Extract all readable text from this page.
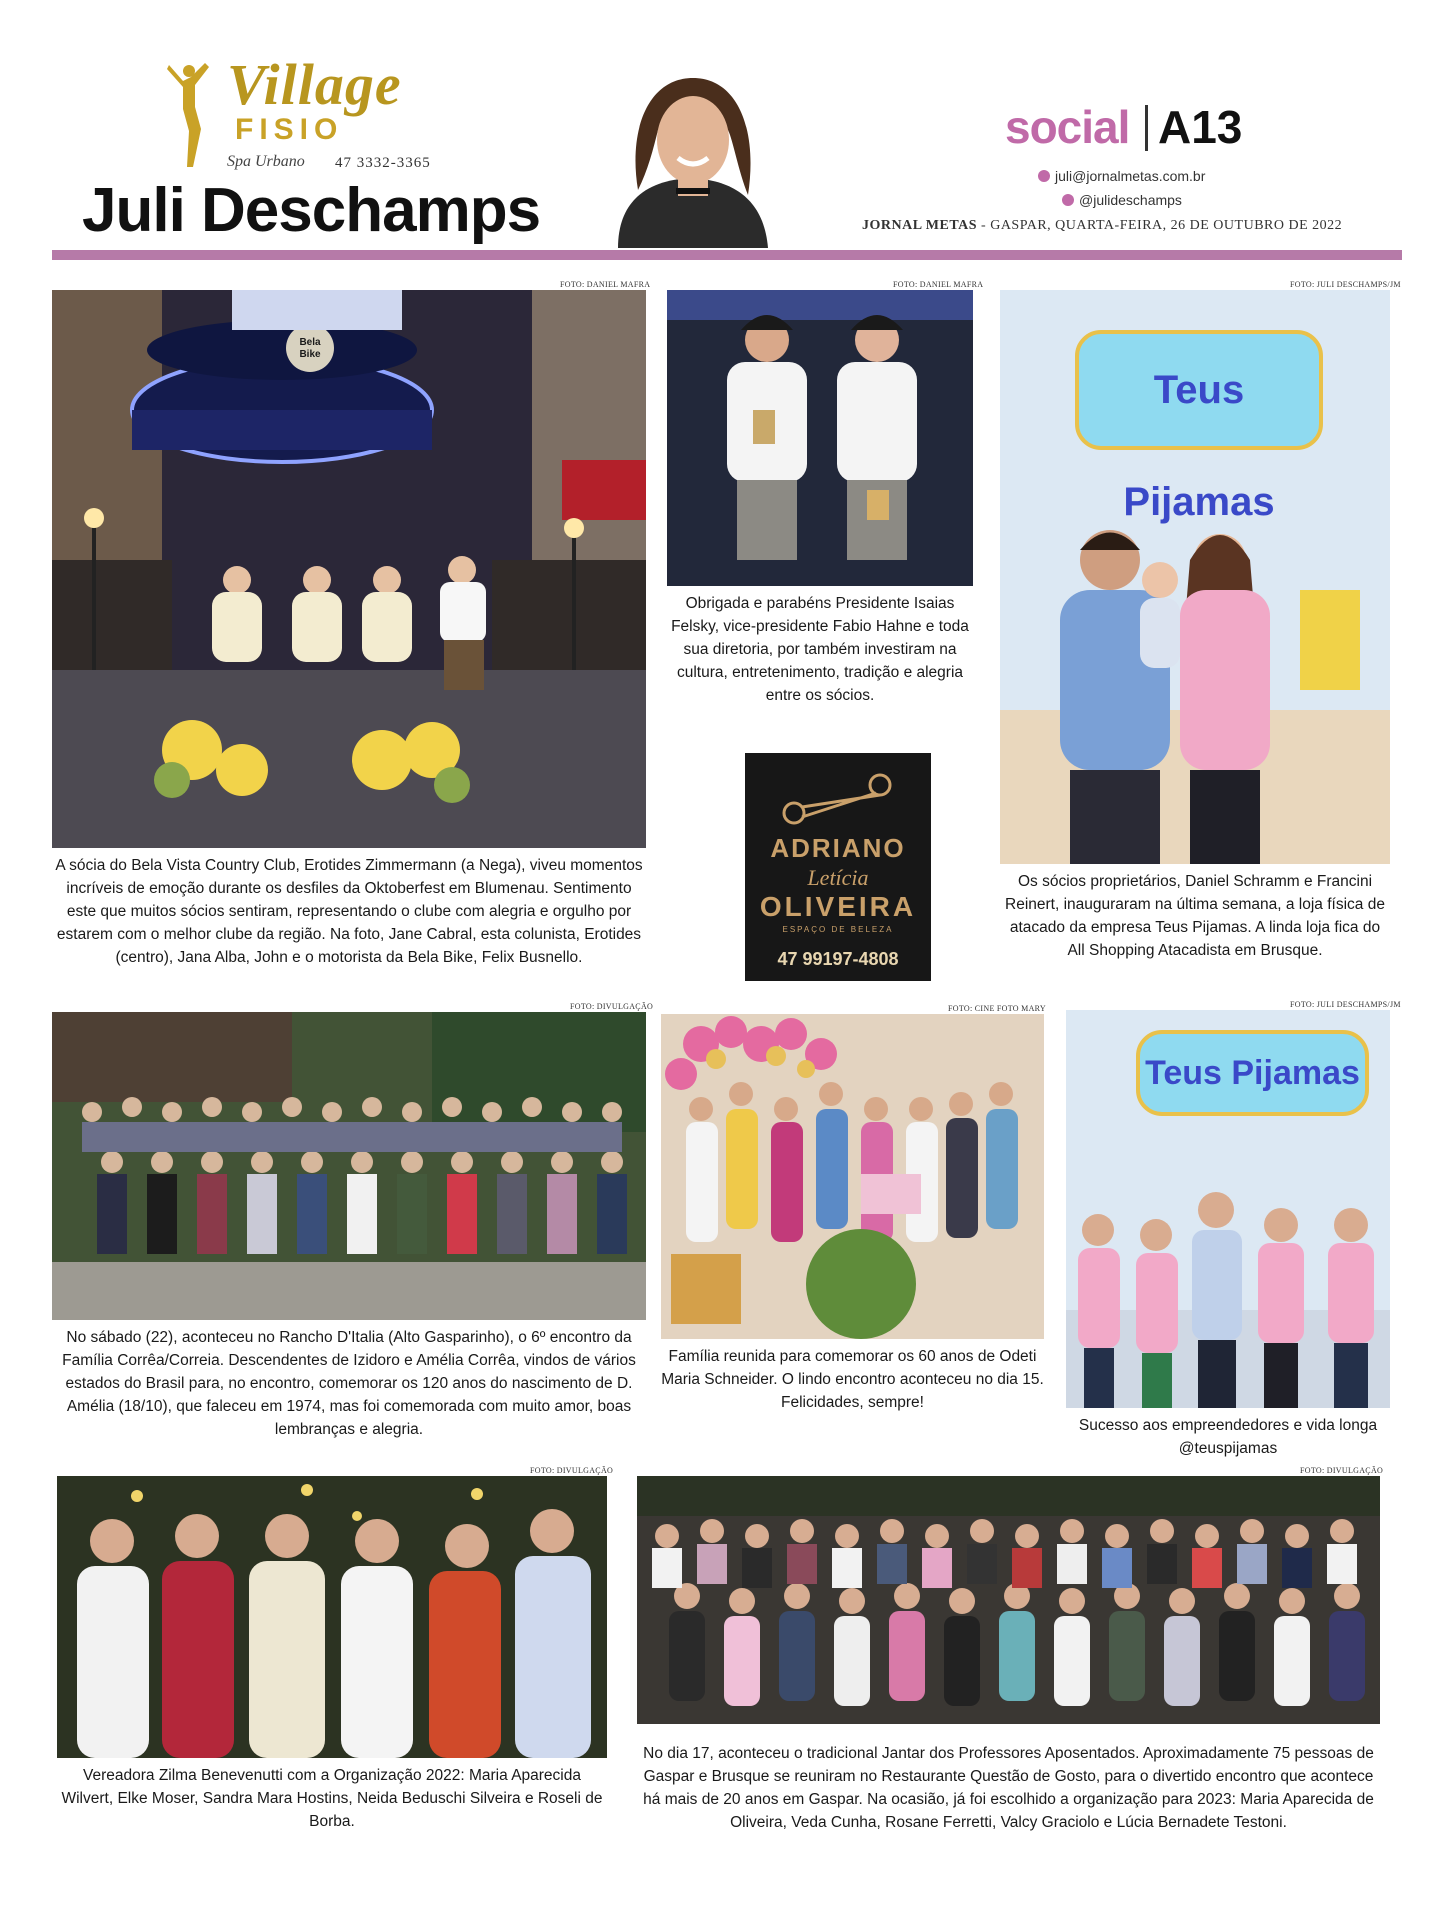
Village
FISIO
Spa Urbano 47 3332-3365
Juli Deschamps
social A13
juli@jornalmetas.com.br
@julideschamps
JORNAL METAS - GASPAR, QUARTA-FEIRA, 26 DE OUTUBRO DE 2022
FOTO: DANIEL MAFRA
Bela
Bike
A sócia do Bela Vista Country Club, Erotides Zimmermann (a Nega), viveu momentos incríveis de emoção durante os desfiles da Oktoberfest em Blumenau. Sentimento este que muitos sócios sentiram, representando o clube com alegria e orgulho por estarem com o melhor clube da região. Na foto, Jane Cabral, esta colunista, Erotides (centro), Jana Alba, John e o motorista da Bela Bike, Felix Busnello.
FOTO: DANIEL MAFRA
Obrigada e parabéns Presidente Isaias Felsky, vice-presidente Fabio Hahne e toda sua diretoria, por também investiram na cultura, entretenimento, tradição e alegria entre os sócios.
ADRIANO
Letícia
OLIVEIRA
ESPAÇO DE BELEZA
47 99197-4808
FOTO: JULI DESCHAMPS/JM
Teus Pijamas
Os sócios proprietários, Daniel Schramm e Francini Reinert, inauguraram na última semana, a loja física de atacado da empresa Teus Pijamas. A linda loja fica do All Shopping Atacadista em Brusque.
FOTO: DIVULGAÇÃO
No sábado (22), aconteceu no Rancho D'Italia (Alto Gasparinho), o 6º encontro da Família Corrêa/Correia. Descendentes de Izidoro e Amélia Corrêa, vindos de vários estados do Brasil para, no encontro, comemorar os 120 anos do nascimento de D. Amélia (18/10), que faleceu em 1974, mas foi comemorada com muito amor, boas lembranças e alegria.
FOTO: CINE FOTO MARY
Família reunida para comemorar os 60 anos de Odeti Maria Schneider. O lindo encontro aconteceu no dia 15. Felicidades, sempre!
FOTO: JULI DESCHAMPS/JM
Teus Pijamas
Sucesso aos empreendedores e vida longa @teuspijamas
FOTO: DIVULGAÇÃO
Vereadora Zilma Benevenutti com a Organização 2022: Maria Aparecida Wilvert, Elke Moser, Sandra Mara Hostins, Neida Beduschi Silveira e Roseli de Borba.
FOTO: DIVULGAÇÃO
No dia 17, aconteceu o tradicional Jantar dos Professores Aposentados. Aproximadamente 75 pessoas de Gaspar e Brusque se reuniram no Restaurante Questão de Gosto, para o divertido encontro que acontece há mais de 20 anos em Gaspar. Na ocasião, já foi escolhido a organização para 2023: Maria Aparecida de Oliveira, Veda Cunha, Rosane Ferretti, Valcy Graciolo e Lúcia Bernadete Testoni.
